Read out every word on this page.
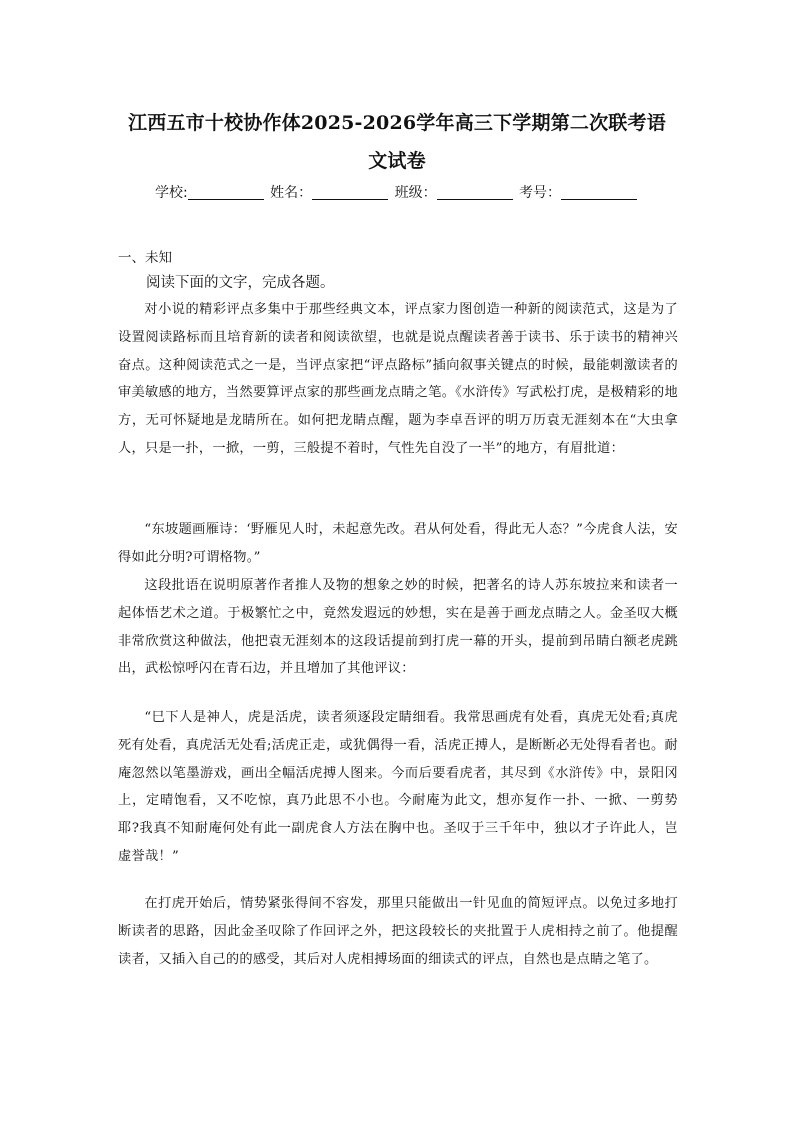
江西五市十校协作体2025-2026学年高三下学期第二次联考语
文试卷
学校:	姓名：	班级：	考号：
一、未知
阅读下面的文字，完成各题。

对小说的精彩评点多集中于那些经典文本，评点家力图创造一种新的阅读范式，这是为了设置阅读路标而且培育新的读者和阅读欲望，也就是说点醒读者善于读书、乐于读书的精神兴奋点。这种阅读范式之一是，当评点家把“评点路标”插向叙事关键点的时候，最能刺激读者的审美敏感的地方，当然要算评点家的那些画龙点睛之笔。《水浒传》写武松打虎，是极精彩的地方，无可怀疑地是龙睛所在。如何把龙睛点醒，题为李卓吾评的明万历袁无涯刻本在“大虫拿人，只是一扑，一掀，一剪，三般提不着时，气性先自没了一半”的地方，有眉批道：

“东坡题画雁诗：‘野雁见人时，未起意先改。君从何处看，得此无人态？”今虎食人法，安得如此分明?可谓格物。”

这段批语在说明原著作者推人及物的想象之妙的时候，把著名的诗人苏东坡拉来和读者一起体悟艺术之道。于极繁忙之中，竟然发遐远的妙想，实在是善于画龙点睛之人。金圣叹大概非常欣赏这种做法，他把袁无涯刻本的这段话提前到打虎一幕的开头，提前到吊睛白额老虎跳出，武松惊呼闪在青石边，并且增加了其他评议：

“巳下人是神人，虎是活虎，读者须逐段定睛细看。我常思画虎有处看，真虎无处看;真虎死有处看，真虎活无处看;活虎正走，或犹偶得一看，活虎正搏人，是断断必无处得看者也。耐庵忽然以笔墨游戏，画出全幅活虎搏人图来。今而后要看虎者，其尽到《水浒传》中，景阳冈上，定晴饱看，又不吃惊，真乃此思不小也。今耐庵为此文，想亦复作一扑、一掀、一剪势耶?我真不知耐庵何处有此一副虎食人方法在胸中也。圣叹于三千年中，独以才子许此人，岂虚誉哉！”

在打虎开始后，情势紧张得间不容发，那里只能做出一针见血的简短评点。以免过多地打断读者的思路，因此金圣叹除了作回评之外，把这段较长的夹批置于人虎相持之前了。他提醒读者，又插入自己的的感受，其后对人虎相搏场面的细读式的评点，自然也是点睛之笔了。
